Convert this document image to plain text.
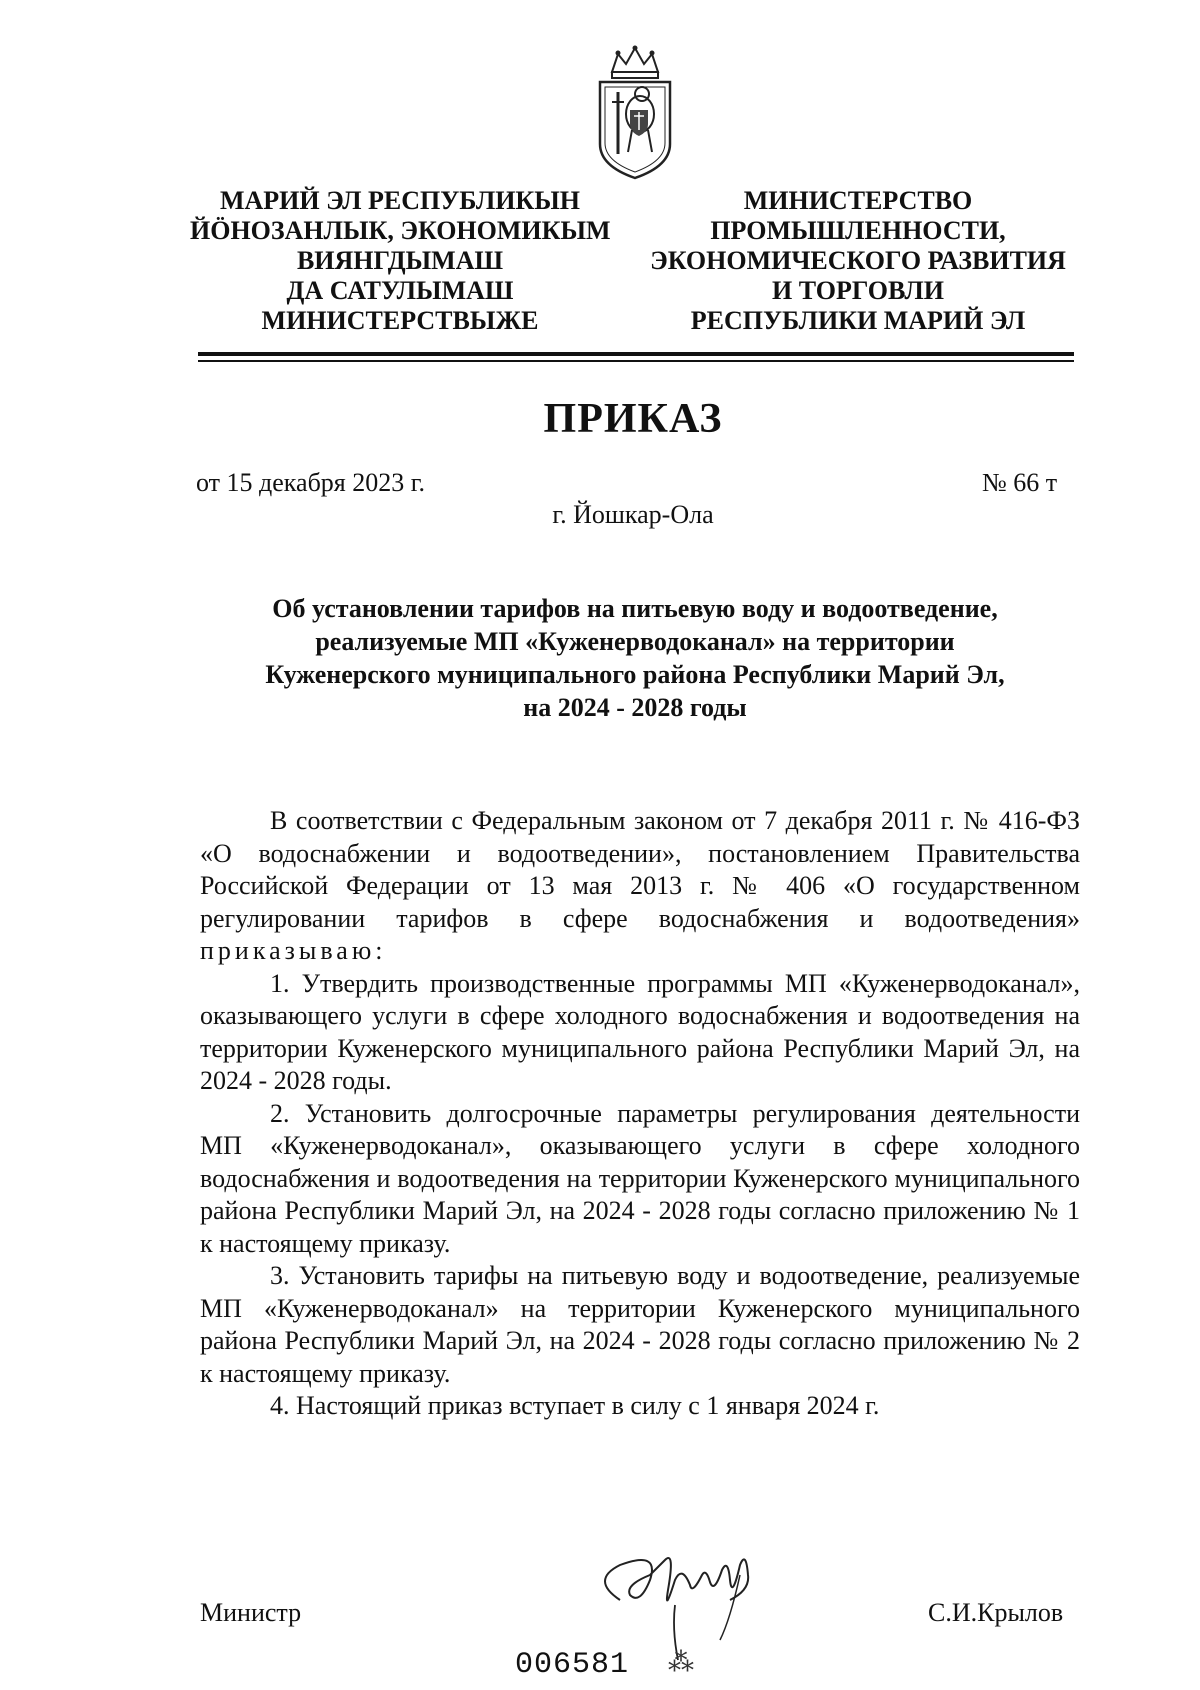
МАРИЙ ЭЛ РЕСПУБЛИКЫН
ЙӦНОЗАНЛЫК, ЭКОНОМИКЫМ
ВИЯНГДЫМАШ
ДА САТУЛЫМАШ
МИНИСТЕРСТВЫЖЕ
МИНИСТЕРСТВО
ПРОМЫШЛЕННОСТИ,
ЭКОНОМИЧЕСКОГО РАЗВИТИЯ
И ТОРГОВЛИ
РЕСПУБЛИКИ МАРИЙ ЭЛ
ПРИКАЗ
от 15 декабря 2023 г.	№ 66 т
г. Йошкар-Ола
Об установлении тарифов на питьевую воду и водоотведение,
реализуемые МП «Куженерводоканал» на территории
Куженерского муниципального района Республики Марий Эл,
на 2024 - 2028 годы

В соответствии с Федеральным законом от 7 декабря 2011 г. № 416-ФЗ «О водоснабжении и водоотведении», постановлением Правительства Российской Федерации от 13 мая 2013 г. № 406 «О государственном регулировании тарифов в сфере водоснабжения и водоотведения» приказываю:

1. Утвердить производственные программы МП «Куженерводоканал», оказывающего услуги в сфере холодного водоснабжения и водоотведения на территории Куженерского муниципального района Республики Марий Эл, на 2024 - 2028 годы.

2. Установить долгосрочные параметры регулирования деятельности МП «Куженерводоканал», оказывающего услуги в сфере холодного водоснабжения и водоотведения на территории Куженерского муниципального района Республики Марий Эл, на 2024 - 2028 годы согласно приложению № 1 к настоящему приказу.

3. Установить тарифы на питьевую воду и водоотведение, реализуемые МП «Куженерводоканал» на территории Куженерского муниципального района Республики Марий Эл, на 2024 - 2028 годы согласно приложению № 2 к настоящему приказу.

4. Настоящий приказ вступает в силу с 1 января 2024 г.

Министр	С.И.Крылов
006581 ⁂
